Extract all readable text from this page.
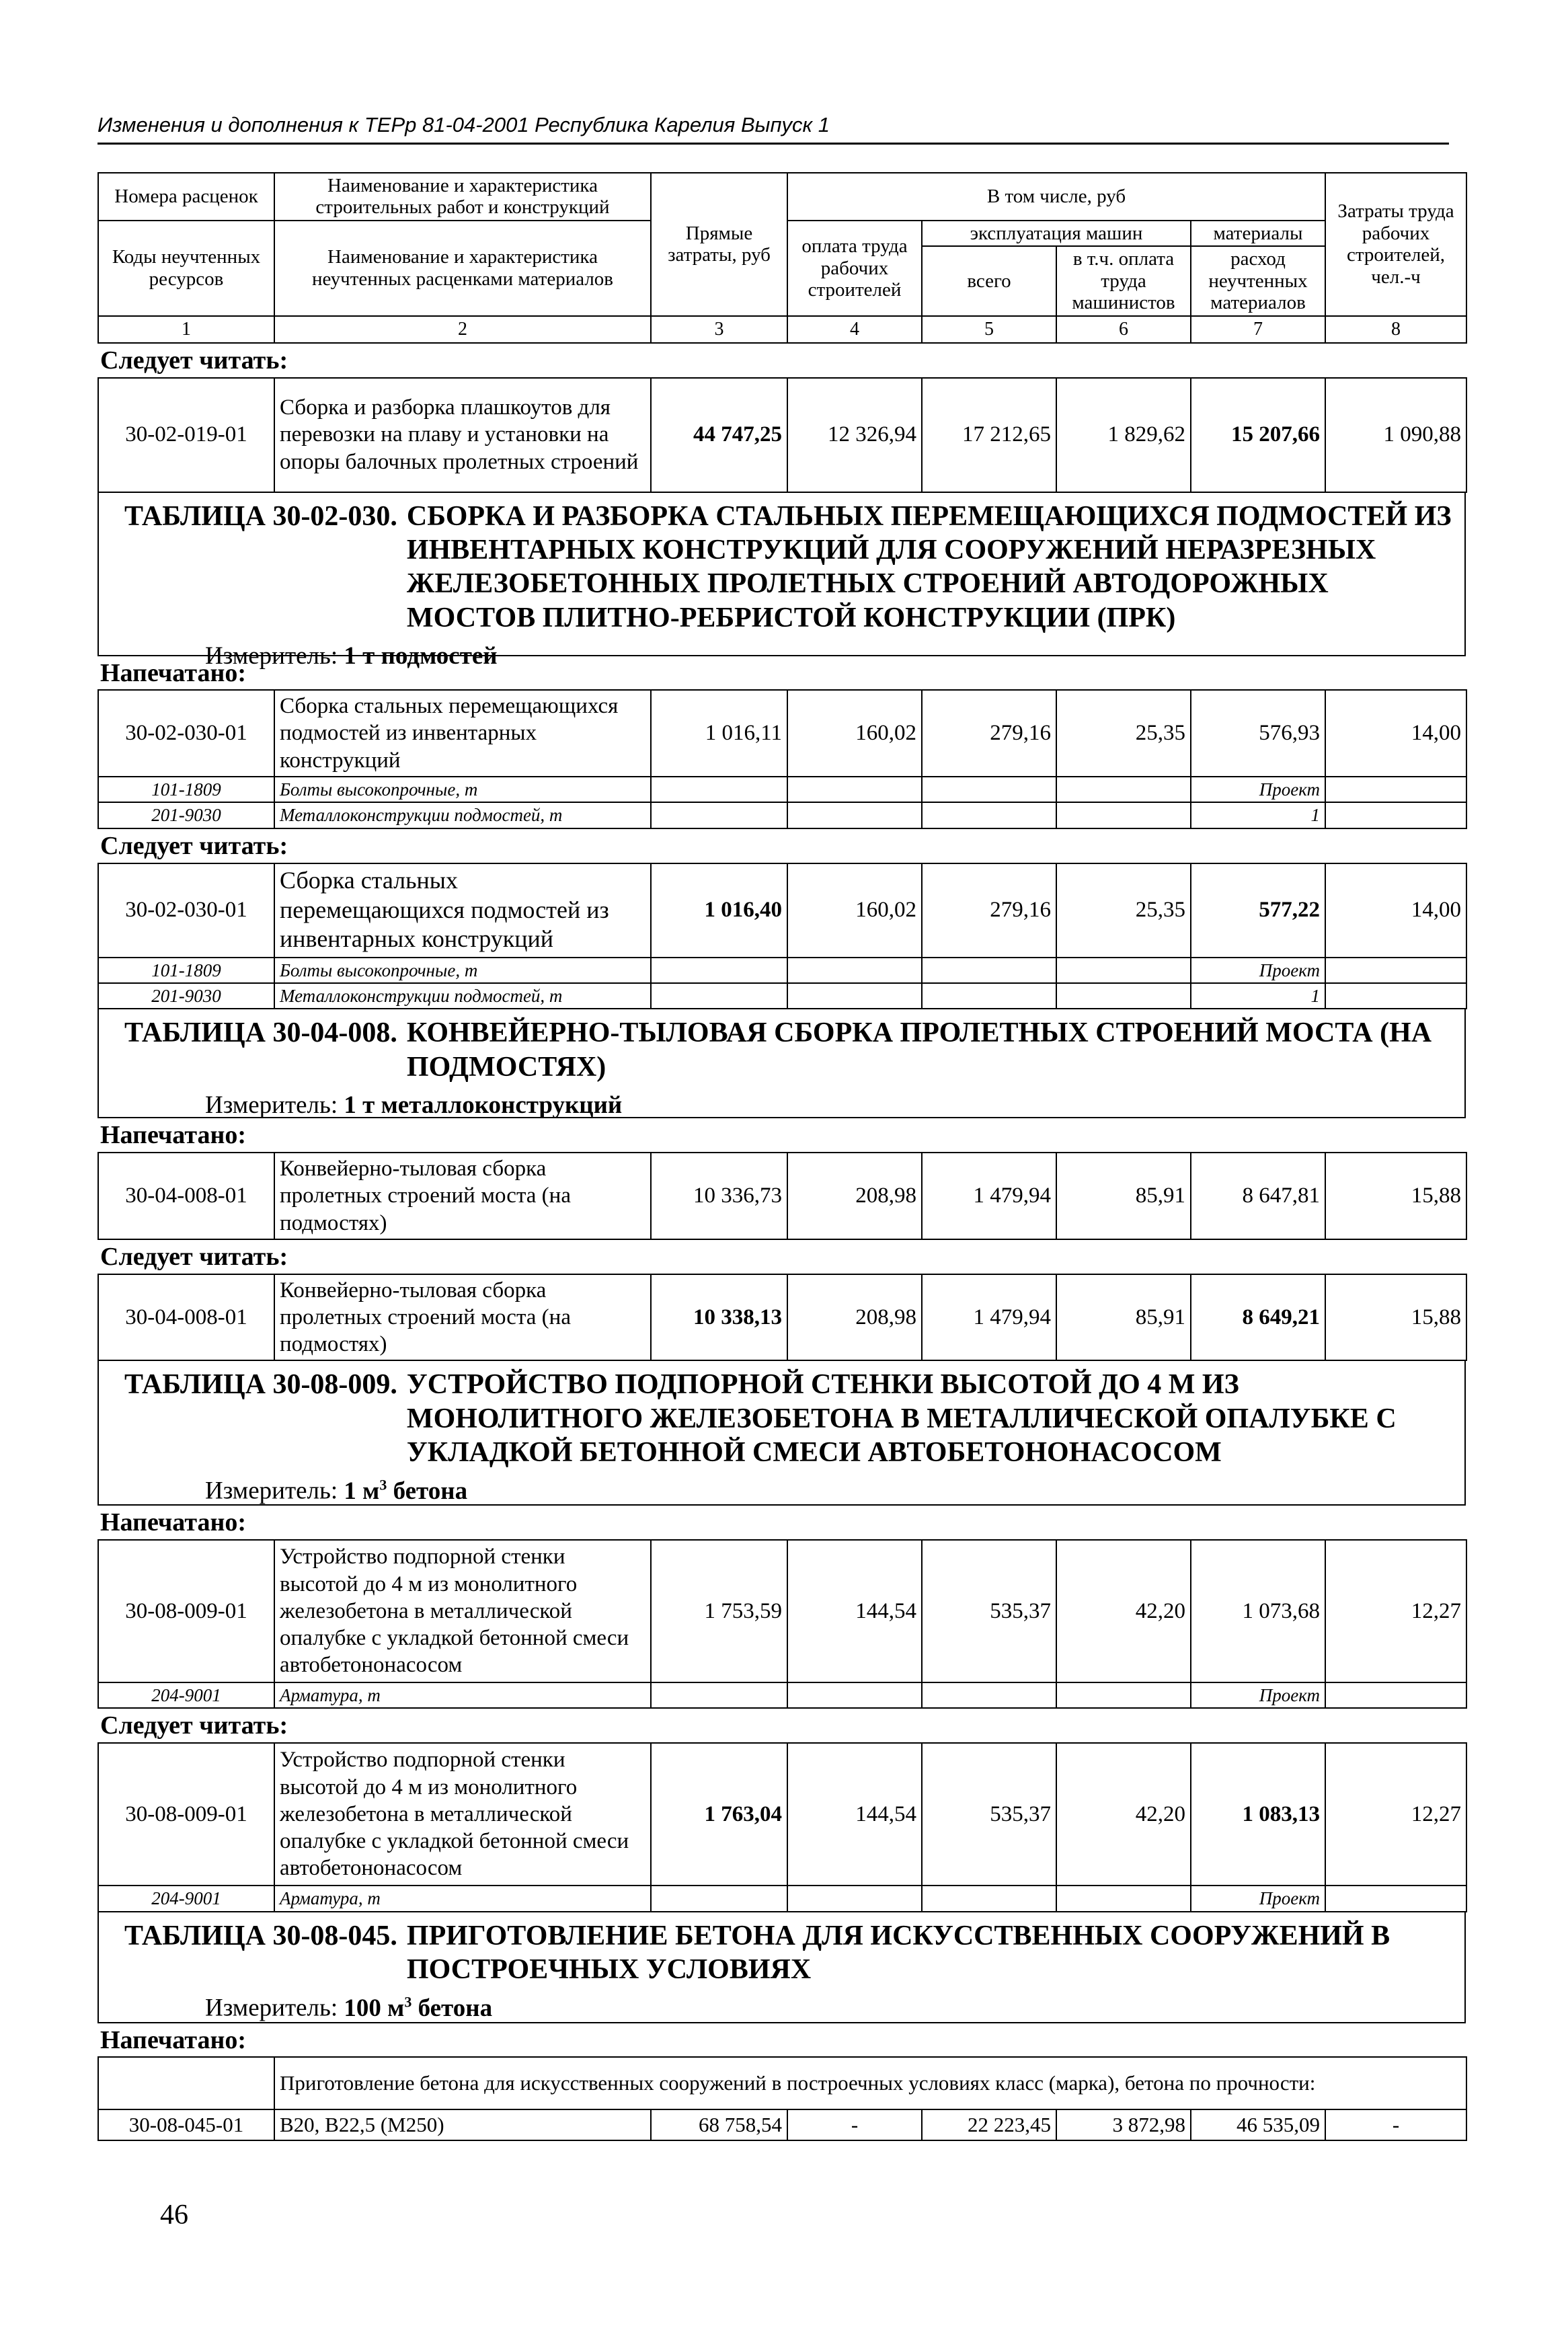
Изменения и дополнения к ТЕРр 81-04-2001 Республика Карелия Выпуск 1
Номера расценок	Наименование и характеристика строительных работ и конструкций	Прямые затраты, руб	В том числе, руб				Затраты труда рабочих строителей, чел.-ч
Коды неучтенных ресурсов	Наименование и характеристика неучтенных расценками материалов		оплата труда рабочих строителей	эксплуатация машин		материалы	
				всего	в т.ч. оплата труда машинистов	расход неучтенных материалов	

1	2	3	4	5	6	7	8
Следует читать:
30-02-019-01	Сборка и разборка плашкоутов для перевозки на плаву и установки на опоры балочных пролетных строений	44 747,25	12 326,94	17 212,65	1 829,62	15 207,66	1 090,88
ТАБЛИЦА 30-02-030. СБОРКА И РАЗБОРКА СТАЛЬНЫХ ПЕРЕМЕЩАЮЩИХСЯ ПОДМОСТЕЙ ИЗ ИНВЕНТАРНЫХ КОНСТРУКЦИЙ ДЛЯ СООРУЖЕНИЙ НЕРАЗРЕЗНЫХ ЖЕЛЕЗОБЕТОННЫХ ПРОЛЕТНЫХ СТРОЕНИЙ АВТОДОРОЖНЫХ МОСТОВ ПЛИТНО-РЕБРИСТОЙ КОНСТРУКЦИИ (ПРК)
Измеритель: 1 т подмостей
Напечатано:
30-02-030-01	Сборка стальных перемещающихся подмостей из инвентарных конструкций	1 016,11	160,02	279,16	25,35	576,93	14,00
101-1809	Болты высокопрочные, т					Проект	
201-9030	Металлоконструкции подмостей, т					1	
Следует читать:
30-02-030-01	Сборка стальных перемещающихся подмостей из инвентарных конструкций	1 016,40	160,02	279,16	25,35	577,22	14,00
101-1809	Болты высокопрочные, т					Проект	
201-9030	Металлоконструкции подмостей, т					1	
ТАБЛИЦА 30-04-008. КОНВЕЙЕРНО-ТЫЛОВАЯ СБОРКА ПРОЛЕТНЫХ СТРОЕНИЙ МОСТА (НА ПОДМОСТЯХ)
Измеритель: 1 т металлоконструкций
Напечатано:
30-04-008-01	Конвейерно-тыловая сборка пролетных строений моста (на подмостях)	10 336,73	208,98	1 479,94	85,91	8 647,81	15,88
Следует читать:
30-04-008-01	Конвейерно-тыловая сборка пролетных строений моста (на подмостях)	10 338,13	208,98	1 479,94	85,91	8 649,21	15,88
ТАБЛИЦА 30-08-009. УСТРОЙСТВО ПОДПОРНОЙ СТЕНКИ ВЫСОТОЙ ДО 4 М ИЗ МОНОЛИТНОГО ЖЕЛЕЗОБЕТОНА В МЕТАЛЛИЧЕСКОЙ ОПАЛУБКЕ С УКЛАДКОЙ БЕТОННОЙ СМЕСИ АВТОБЕТОНОНАСОСОМ
Измеритель: 1 $м^3$ бетона
Напечатано:
30-08-009-01	Устройство подпорной стенки высотой до 4 м из монолитного железобетона в металлической опалубке с укладкой бетонной смеси автобетононасосом	1 753,59	144,54	535,37	42,20	1 073,68	12,27
204-9001	Арматура, т					Проект	
Следует читать:
30-08-009-01	Устройство подпорной стенки высотой до 4 м из монолитного железобетона в металлической опалубке с укладкой бетонной смеси автобетононасосом	1 763,04	144,54	535,37	42,20	1 083,13	12,27
204-9001	Арматура, т					Проект	
ТАБЛИЦА 30-08-045. ПРИГОТОВЛЕНИЕ БЕТОНА ДЛЯ ИСКУССТВЕННЫХ СООРУЖЕНИЙ В ПОСТРОЕЧНЫХ УСЛОВИЯХ
Измеритель: 100 $м^3$ бетона
Напечатано:
	Приготовление бетона для искусственных сооружений в построечных условиях класс (марка), бетона по прочности:						
30-08-045-01	В20, В22,5 (М250)	68 758,54	-	22 223,45	3 872,98	46 535,09	-
46
